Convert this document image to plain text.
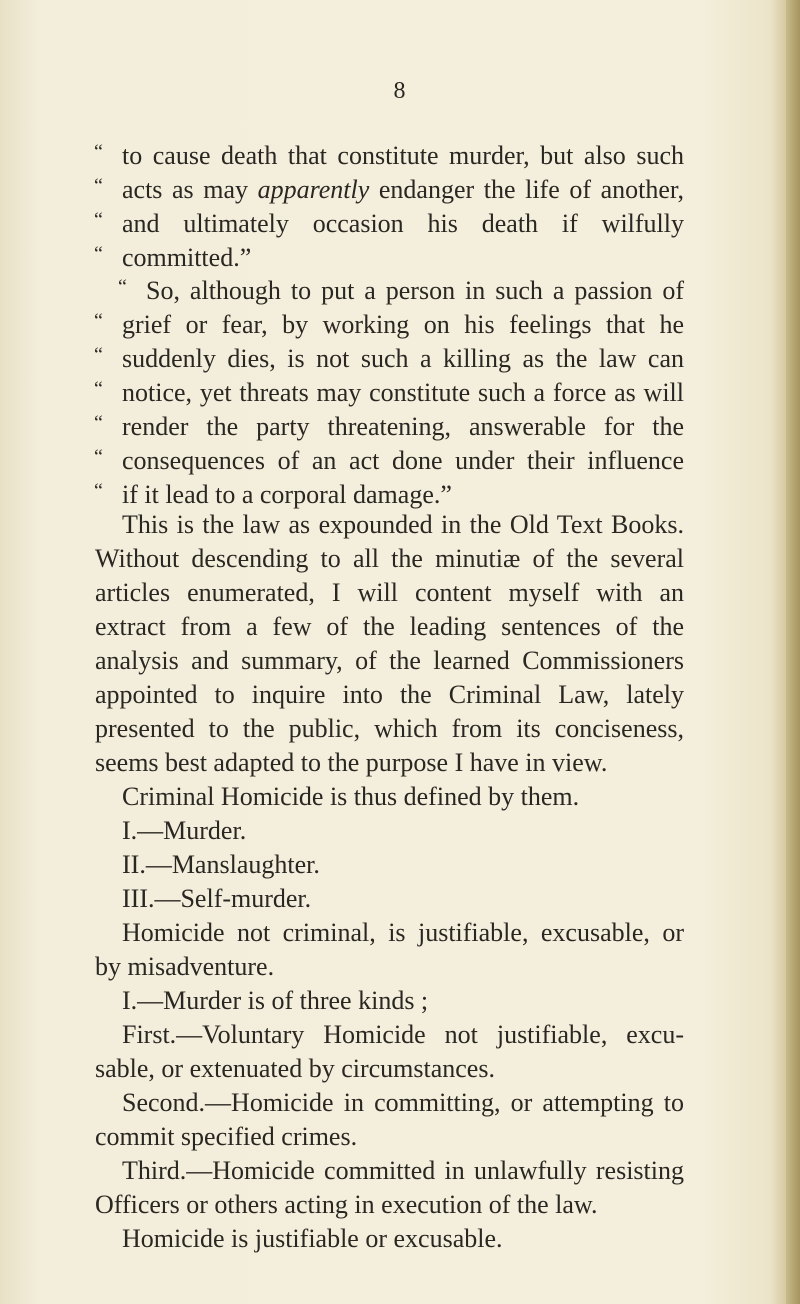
8
“ to cause death that constitute murder, but also such
“ acts as may apparently endanger the life of another,
“ and ultimately occasion his death if wilfully
“ committed.”
“ So, although to put a person in such a passion of
“ grief or fear, by working on his feelings that he
“ suddenly dies, is not such a killing as the law can
“ notice, yet threats may constitute such a force as will
“ render the party threatening, answerable for the
“ consequences of an act done under their influence
“ if it lead to a corporal damage.”
This is the law as expounded in the Old Text Books.
Without descending to all the minutiæ of the several
articles enumerated, I will content myself with an
extract from a few of the leading sentences of the
analysis and summary, of the learned Commissioners
appointed to inquire into the Criminal Law, lately
presented to the public, which from its conciseness,
seems best adapted to the purpose I have in view.
Criminal Homicide is thus defined by them.
I.—Murder.
II.—Manslaughter.
III.—Self-murder.
Homicide not criminal, is justifiable, excusable, or
by misadventure.
I.—Murder is of three kinds ;
First.—Voluntary Homicide not justifiable, excu-
sable, or extenuated by circumstances.
Second.—Homicide in committing, or attempting to
commit specified crimes.
Third.—Homicide committed in unlawfully resisting
Officers or others acting in execution of the law.
Homicide is justifiable or excusable.
